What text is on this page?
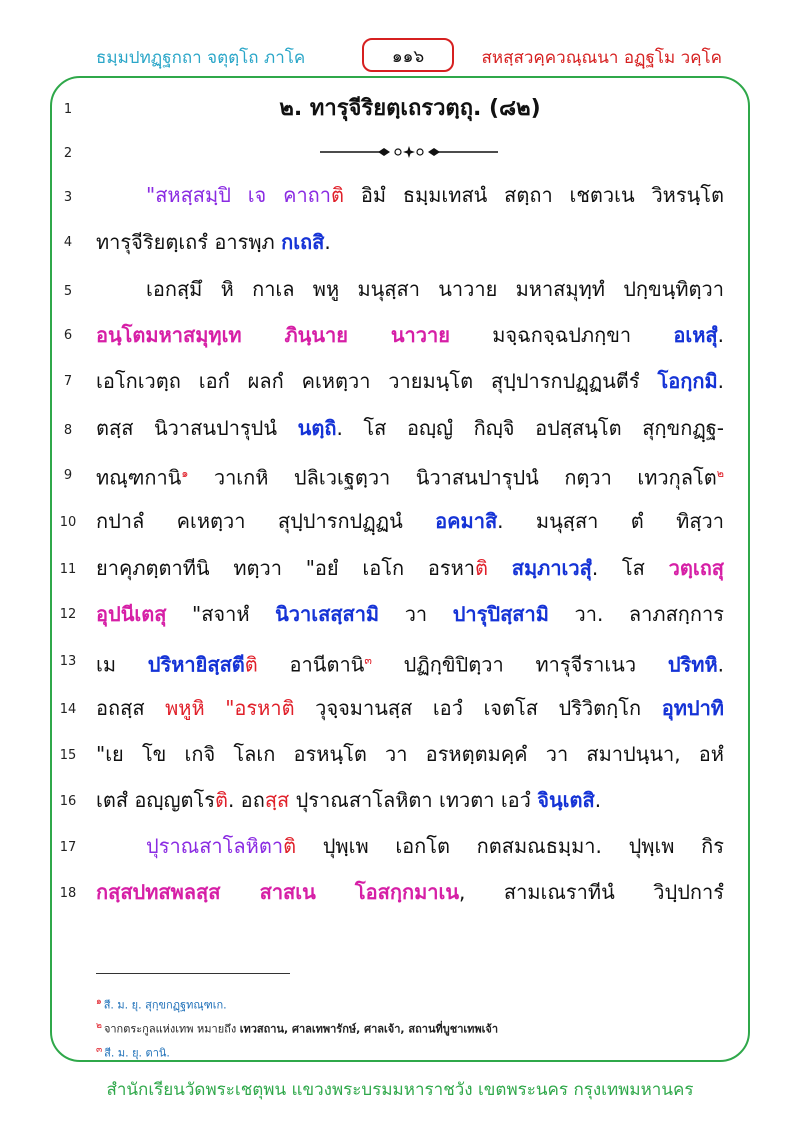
ธมฺมปทฏฺฐกถา จตุตฺโถ ภาโค	๑๑๖	สหสฺสวคฺควณฺณนา อฏฺฐโม วคฺโค
1
2
3
4
5
6
7
8
9
10
11
12
13
14
15
16
17
18
๒. ทารุจีริยตฺเถรวตฺถุ. (๘๒)
"สหสฺสมฺปิ เจ คาถาติ อิมํ ธมฺมเทสนํ สตฺถา เชตวเน วิหรนฺโต
ทารุจีริยตฺเถรํ อารพฺภ กเถสิ.
เอกสฺมึ หิ กาเล พหู มนุสฺสา นาวาย มหาสมุทฺทํ ปกฺขนฺทิตฺวา
อนฺโตมหาสมุทฺเท ภินฺนาย นาวาย มจฺฉกจฺฉปภกฺขา อเหสุํ.
เอโกเวตฺถ เอกํ ผลกํ คเหตฺวา วายมนฺโต สุปฺปารกปฏฺฏนตีรํ โอกฺกมิ.
ตสฺส นิวาสนปารุปนํ นตฺถิ. โส อญฺญํ กิญฺจิ อปสฺสนฺโต สุกฺขกฏฺฐ-
ทณฺฑกานิ$^๑$ วาเกหิ ปลิเวเฐตฺวา นิวาสนปารุปนํ กตฺวา เทวกุลโต$^๒$
กปาลํ คเหตฺวา สุปฺปารกปฏฺฏนํ อคมาสิ. มนุสฺสา ตํ ทิสฺวา
ยาคุภตฺตาทีนิ ทตฺวา "อยํ เอโก อรหาติ สมฺภาเวสุํ. โส วตฺเถสุ
อุปนีเตสุ "สจาหํ นิวาเสสฺสามิ วา ปารุปิสฺสามิ วา. ลาภสกฺการ
เม ปริหายิสฺสตีติ อานีตานิ$^๓$ ปฏิกฺขิปิตฺวา ทารุจีราเนว ปริทหิ.
อถสฺส พหูหิ "อรหาติ วุจฺจมานสฺส เอวํ เจตโส ปริวิตกฺโก อุทปาทิ
"เย โข เกจิ โลเก อรหนฺโต วา อรหตฺตมคฺคํ วา สมาปนฺนา, อหํ
เตสํ อญฺญตโรติ. อถสฺส ปุราณสาโลหิตา เทวตา เอวํ จินฺเตสิ.
ปุราณสาโลหิตาติ ปุพฺเพ เอกโต กตสมณธมฺมา. ปุพฺเพ กิร
กสฺสปทสพลสฺส สาสเน โอสกฺกมาเน, สามเณราทีนํ วิปฺปการํ
$^๑$ สี. ม. ยุ. สุกฺขกฏฺฐทณฺฑเก.
$^๒$ จากตระกูลแห่งเทพ หมายถึง เทวสถาน, ศาลเทพารักษ์, ศาลเจ้า, สถานที่บูชาเทพเจ้า
$^๓$ สี. ม. ยุ. ตานิ.
สำนักเรียนวัดพระเชตุพน แขวงพระบรมมหาราชวัง เขตพระนคร กรุงเทพมหานคร
